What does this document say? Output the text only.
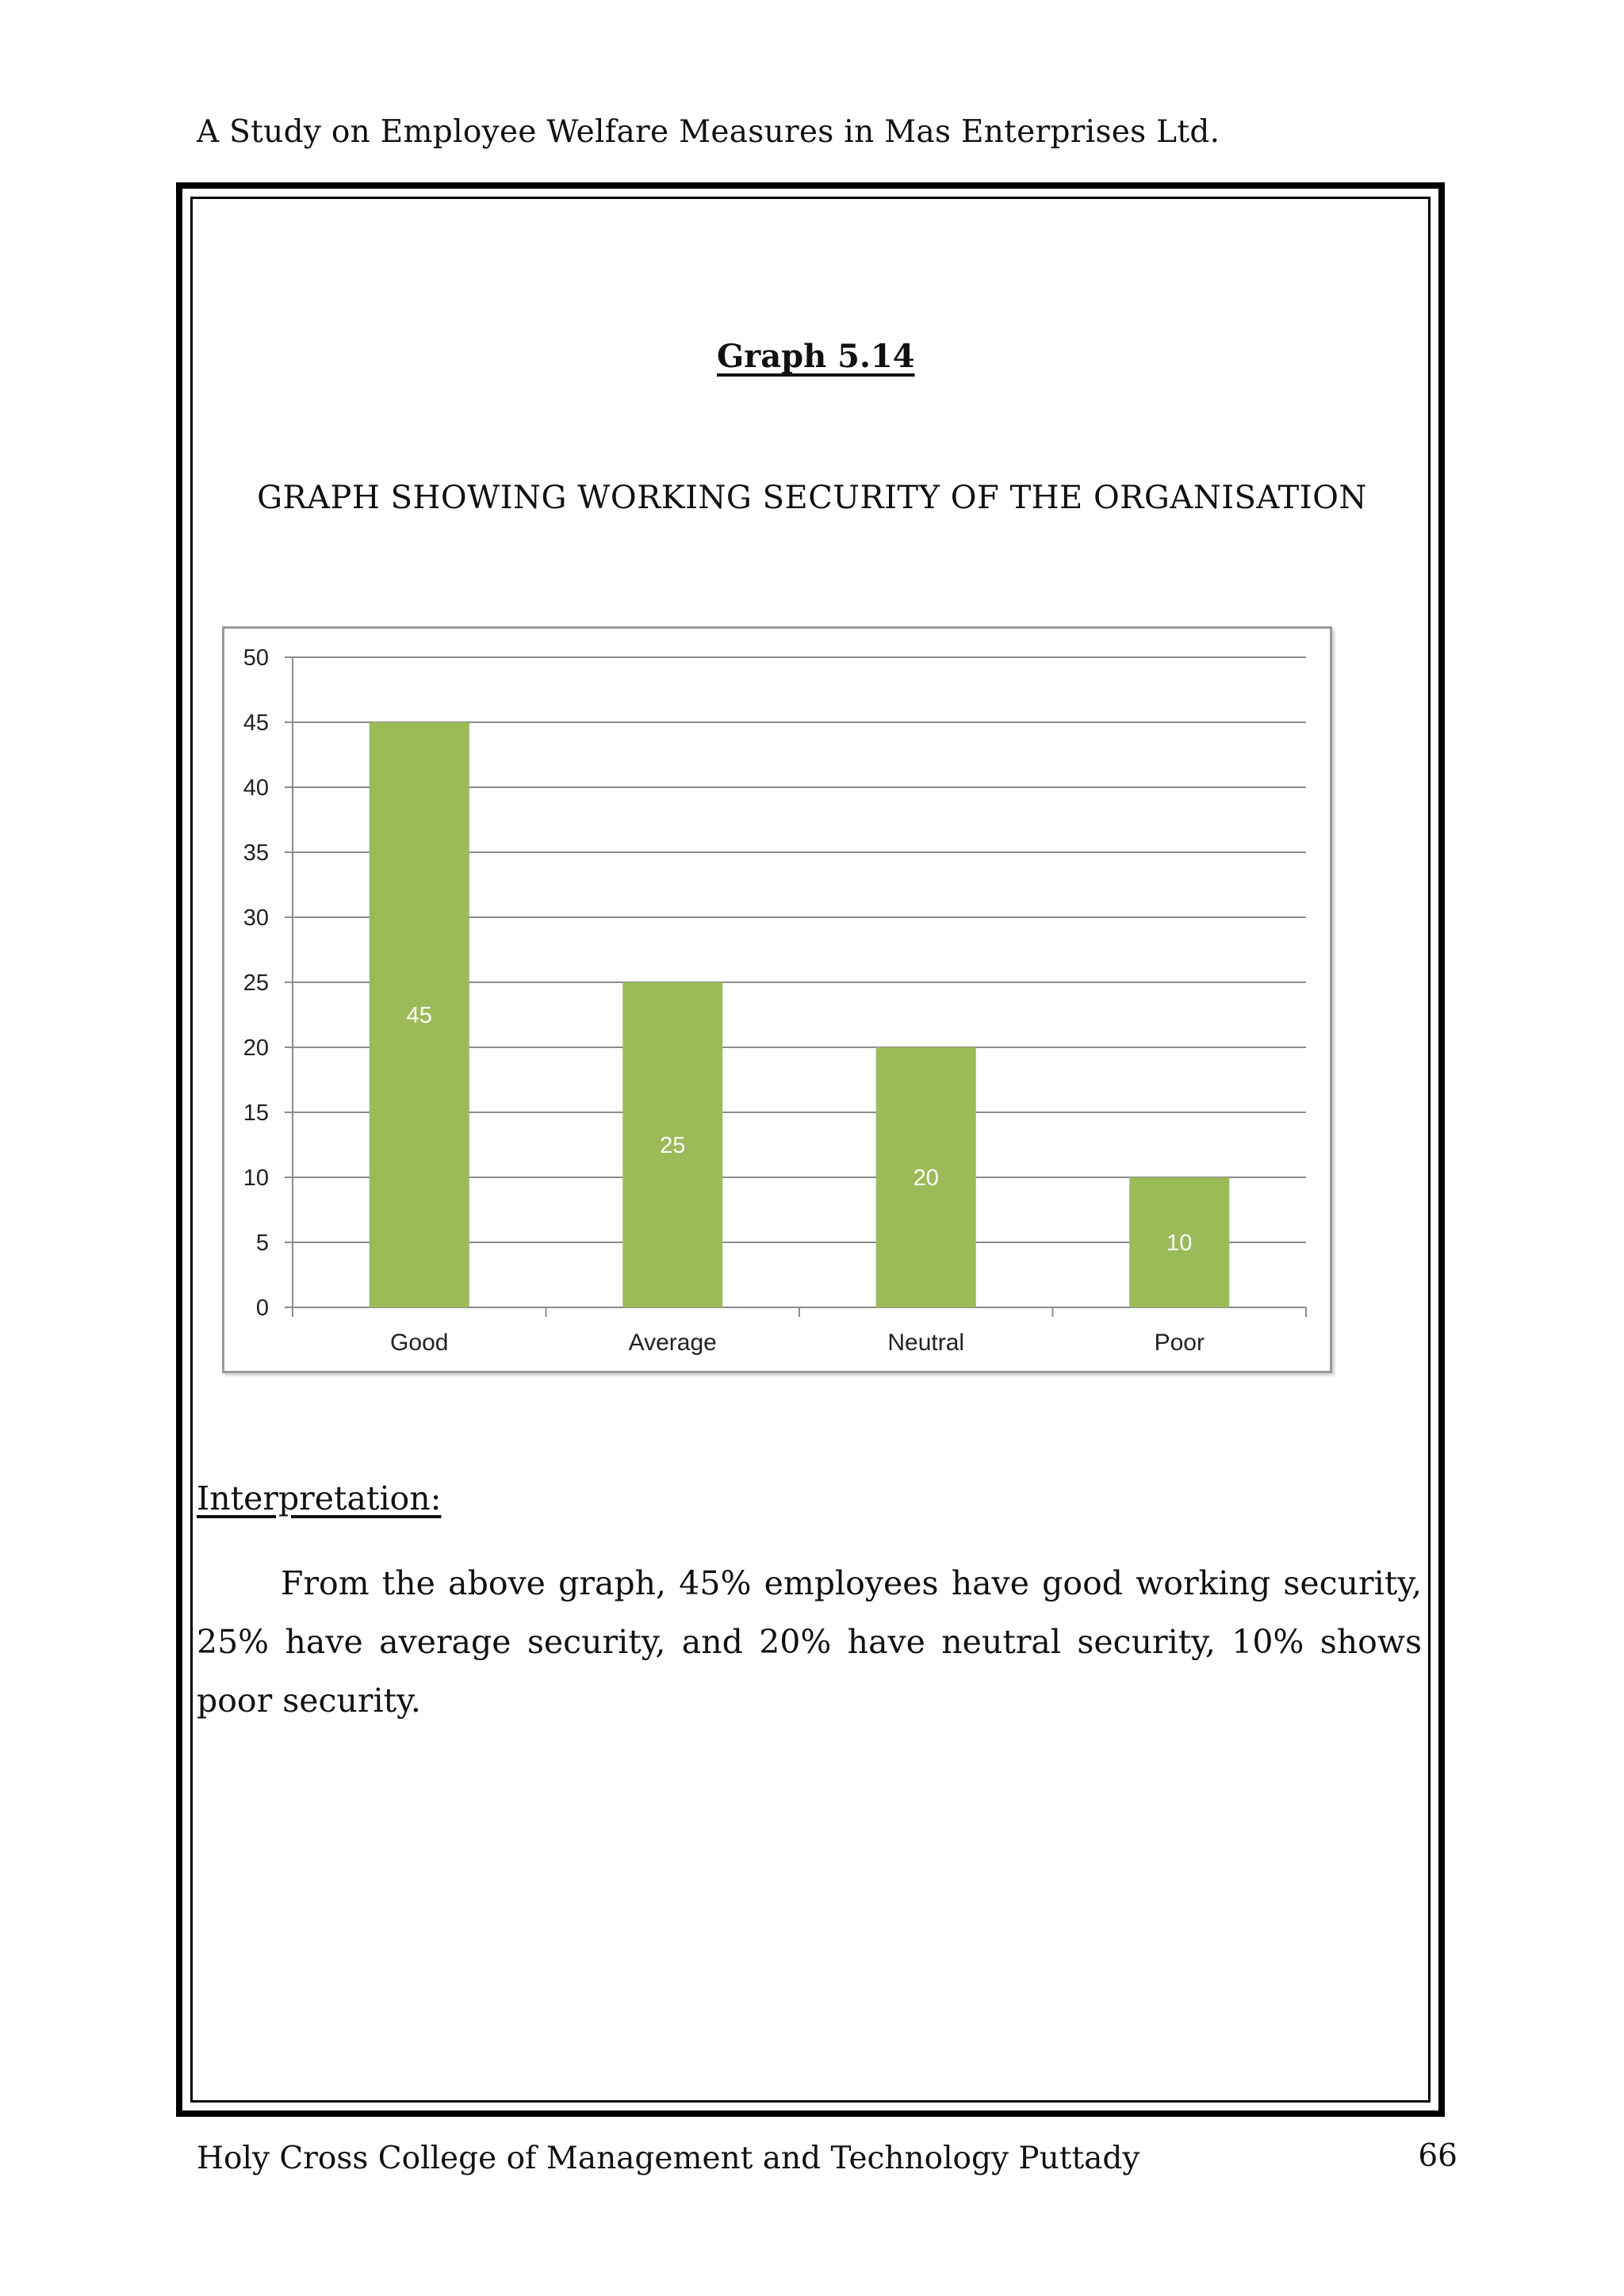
A Study on Employee Welfare Measures in Mas Enterprises Ltd.
Graph 5.14
GRAPH SHOWING WORKING SECURITY OF THE ORGANISATION
0
5
10
15
20
25
30
35
40
45
50
45
Good
25
Average
20
Neutral
10
Poor
Interpretation:
From the above graph, 45% employees have good working security, 25% have average security, and 20% have neutral security, 10% shows poor security.
Holy Cross College of Management and Technology Puttady	66
